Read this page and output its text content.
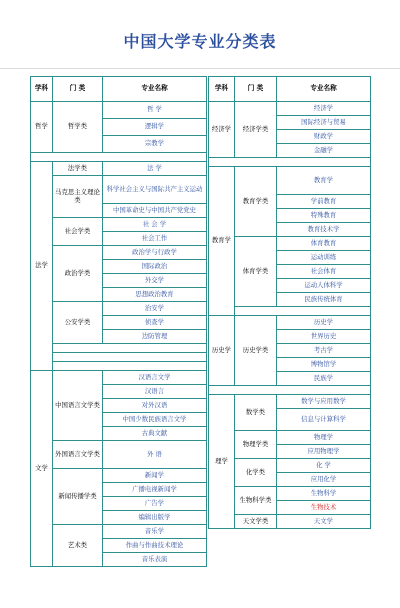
中国大学专业分类表
学科	门 类	专业名称
哲学	哲学类	哲 学
		逻辑学
		宗教学

法学	法学类	法 学
	马克思主义理论类	科学社会主义与国际共产主义运动
		中国革命史与中国共产党党史
	社会学类	社 会 学
		社会工作
	政治学类	政治学与行政学
		国际政治
		外交学
		思想政治教育
	公安学类	治安学
		侦查学
		边防管理

文学	中国语言文学类	汉语言文学
		汉语言
		对外汉语
		中国少数民族语言文学
		古典文献
	外国语言文学类	外 语
	新闻传播学类	新闻学
		广播电视新闻学
		广告学
		编辑出版学
	艺术类	音乐学
		作曲与作曲技术理论
		音乐表演
学科	门 类	专业名称
经济学	经济学类	经济学
		国际经济与贸易
		财政学
		金融学

教育学	教育学类	教育学
		学前教育
		特殊教育
		教育技术学
	体育学类	体育教育
		运动训练
		社会体育
		运动人体科学
		民族传统体育

历史学	历史学类	历史学
		世界历史
		考古学
		博物馆学
		民族学

理学	数学类	数学与应用数学
		信息与计算科学
	物理学类	物理学
		应用物理学
	化学类	化 学
		应用化学
	生物科学类	生物科学
		生物技术
	天文学类	天文学
